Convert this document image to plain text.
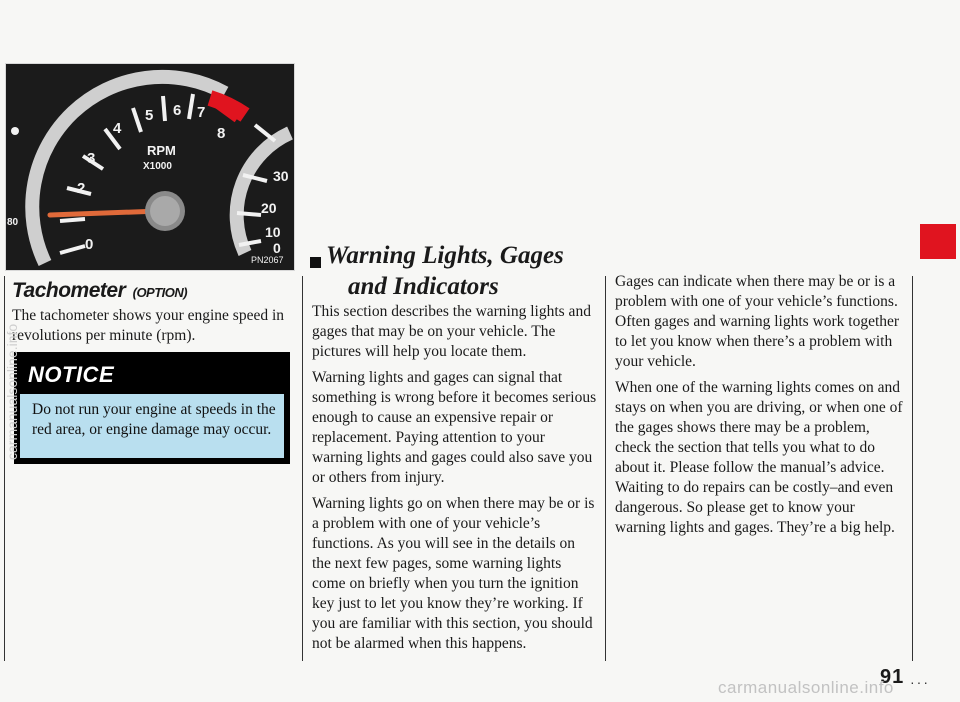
0
2
3
4
5 6 7
8
RPM
X1000
30
20
10
0
80
PN2067
Tachometer (OPTION)
The tachometer shows your engine speed in revolutions per minute (rpm).
NOTICE
Do not run your engine at speeds in the red area, or engine damage may occur.
Warning Lights, Gages
and Indicators

This section describes the warning lights and gages that may be on your vehicle. The pictures will help you locate them.

Warning lights and gages can signal that something is wrong before it becomes serious enough to cause an expensive repair or replacement. Paying attention to your warning lights and gages could also save you or others from injury.

Warning lights go on when there may be or is a problem with one of your vehicle’s functions. As you will see in the details on the next few pages, some warning lights come on briefly when you turn the ignition key just to let you know they’re working. If you are familiar with this section, you should not be alarmed when this happens.

Gages can indicate when there may be or is a problem with one of your vehicle’s functions. Often gages and warning lights work together to let you know when there’s a problem with your vehicle.

When one of the warning lights comes on and stays on when you are driving, or when one of the gages shows there may be a problem, check the section that tells you what to do about it. Please follow the manual’s advice. Waiting to do repairs can be costly–and even dangerous. So please get to know your warning lights and gages. They’re a big help.

91 ···
carmanualsonline.info
carmanualsonline.info
